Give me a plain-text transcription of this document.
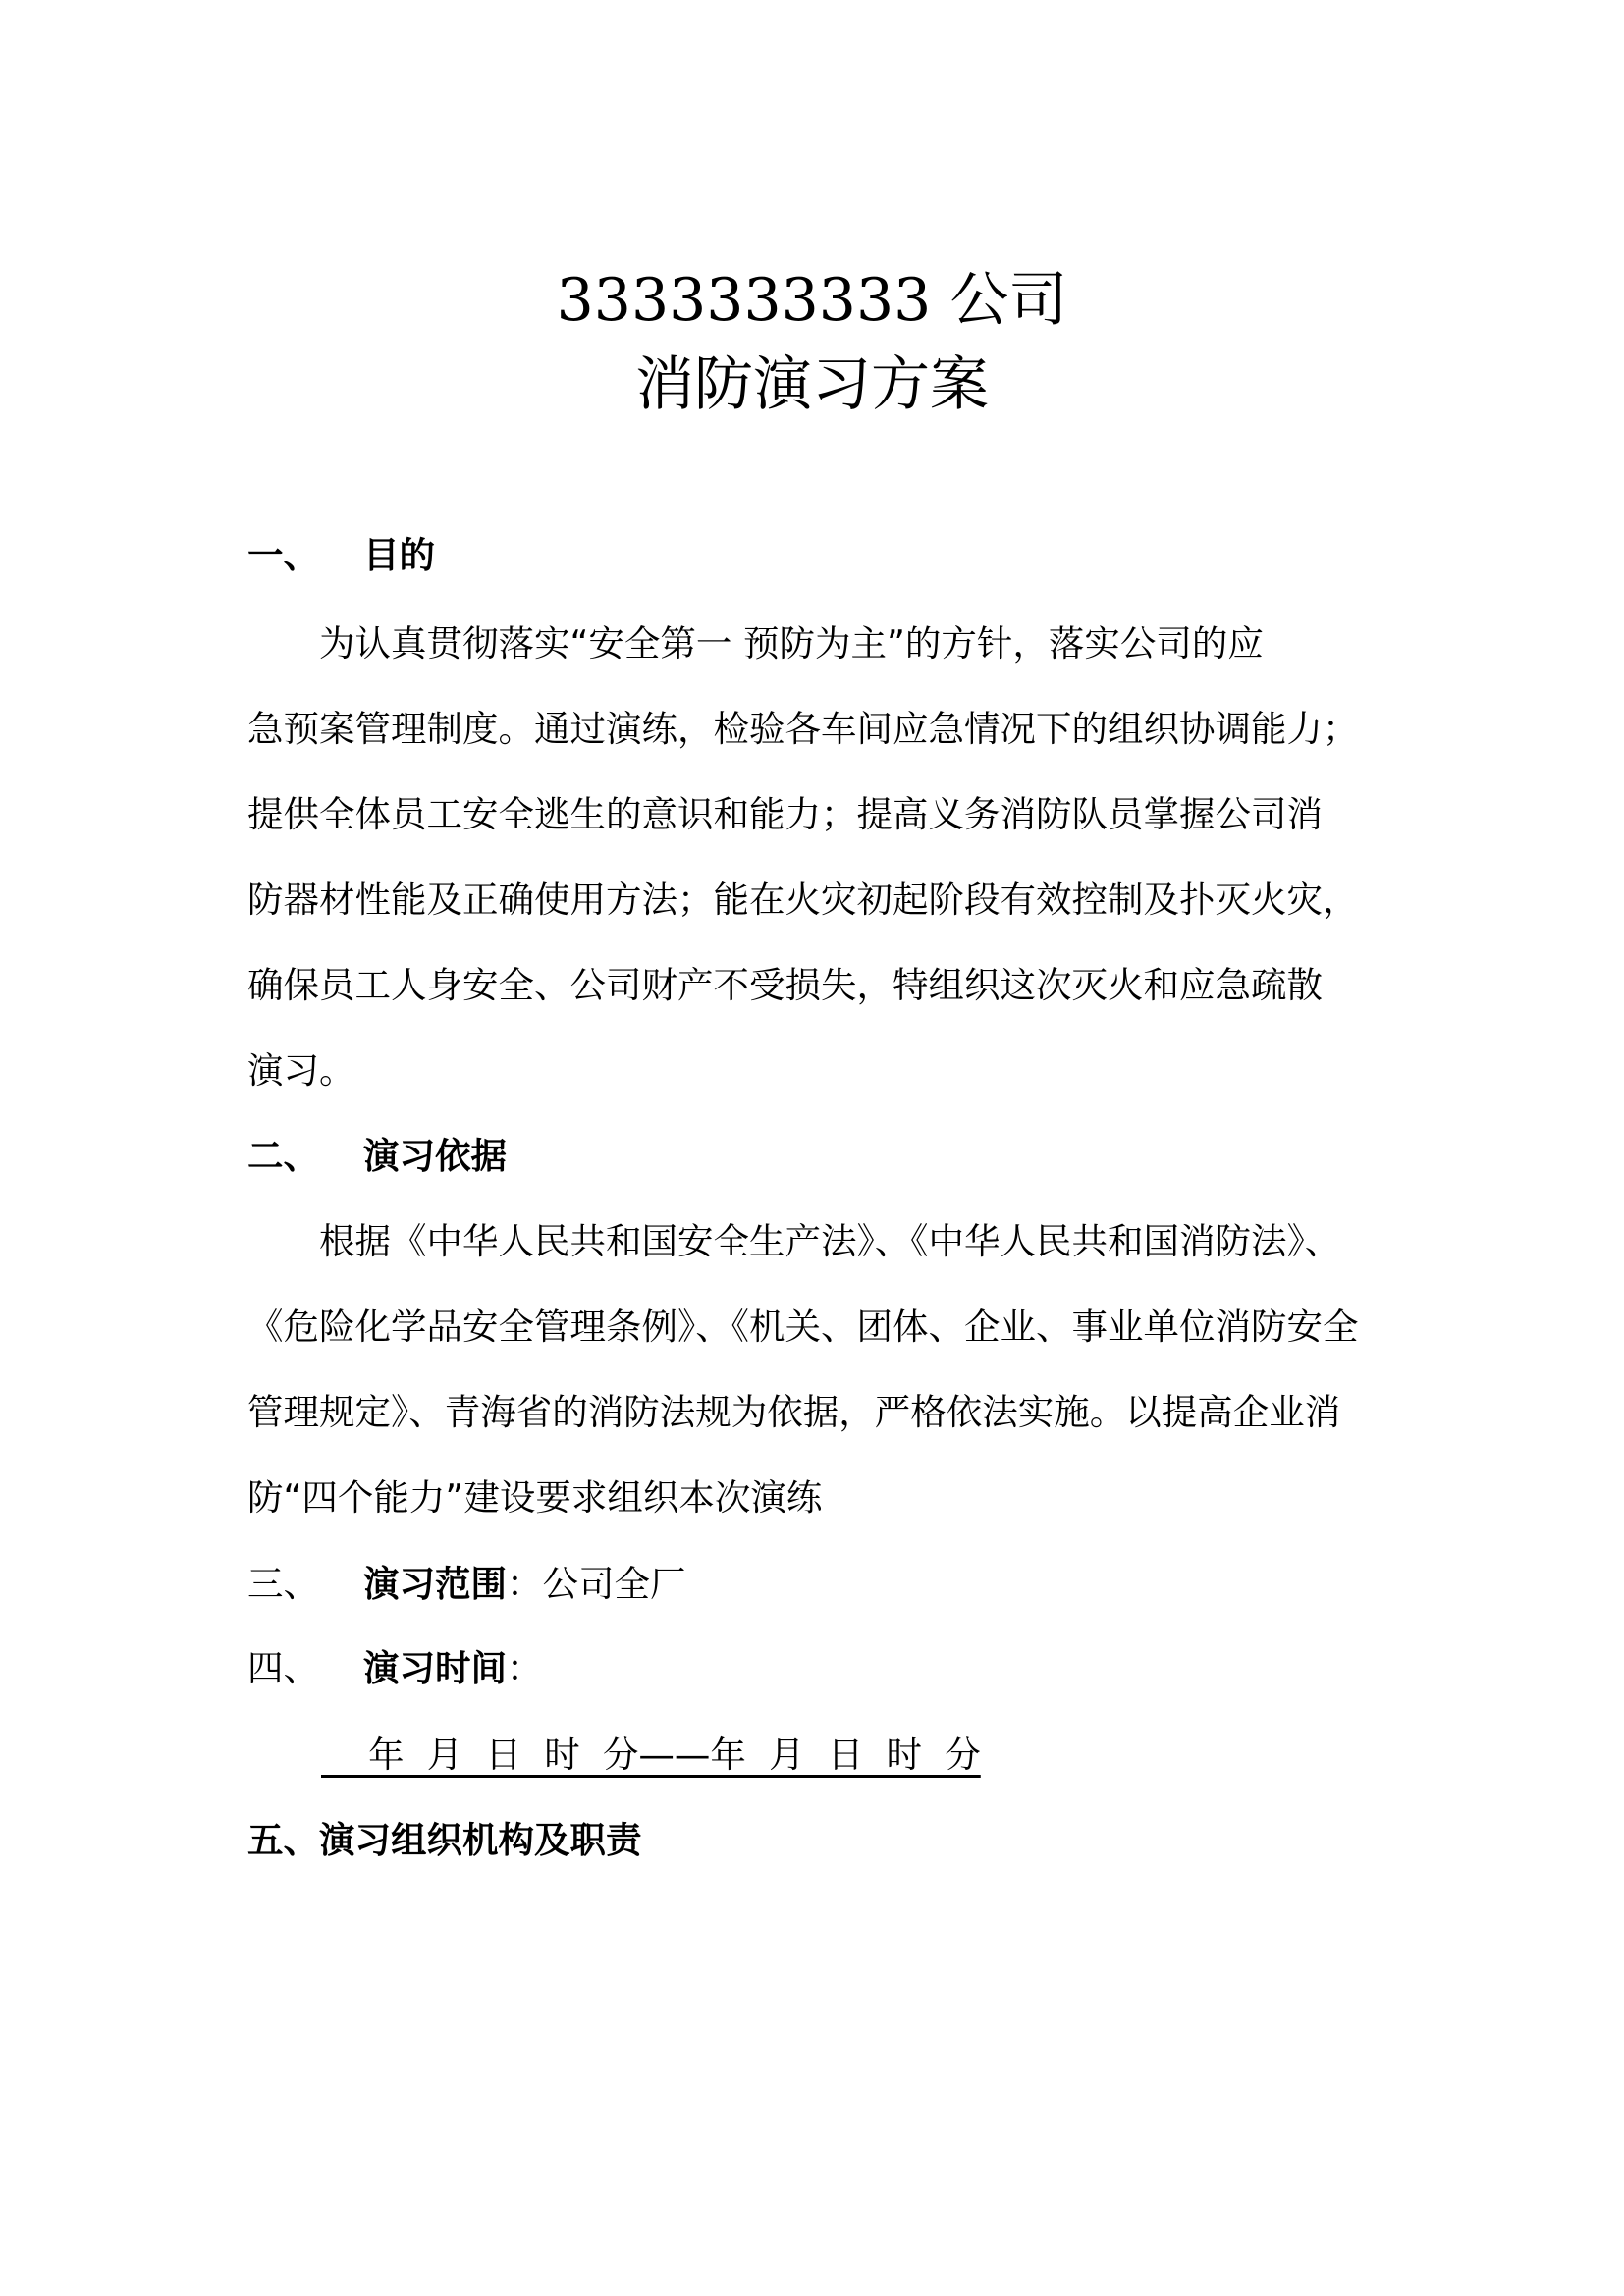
3333333333 公司
消防演习方案
一、 目的
　　为认真贯彻落实“安全第一 预防为主”的方针，落实公司的应
急预案管理制度。通过演练，检验各车间应急情况下的组织协调能力；
提供全体员工安全逃生的意识和能力；提高义务消防队员掌握公司消
防器材性能及正确使用方法；能在火灾初起阶段有效控制及扑灭火灾，
确保员工人身安全、公司财产不受损失，特组织这次灭火和应急疏散
演习。
二、 演习依据
　　根据《中华人民共和国安全生产法》、《中华人民共和国消防法》、
《危险化学品安全管理条例》、《机关、团体、企业、事业单位消防安全
管理规定》、青海省的消防法规为依据，严格依法实施。以提高企业消
防“四个能力”建设要求组织本次演练
三、 演习范围：公司全厂
四、 演习时间：
　 年  月  日  时  分——年  月  日  时  分
五、演习组织机构及职责
